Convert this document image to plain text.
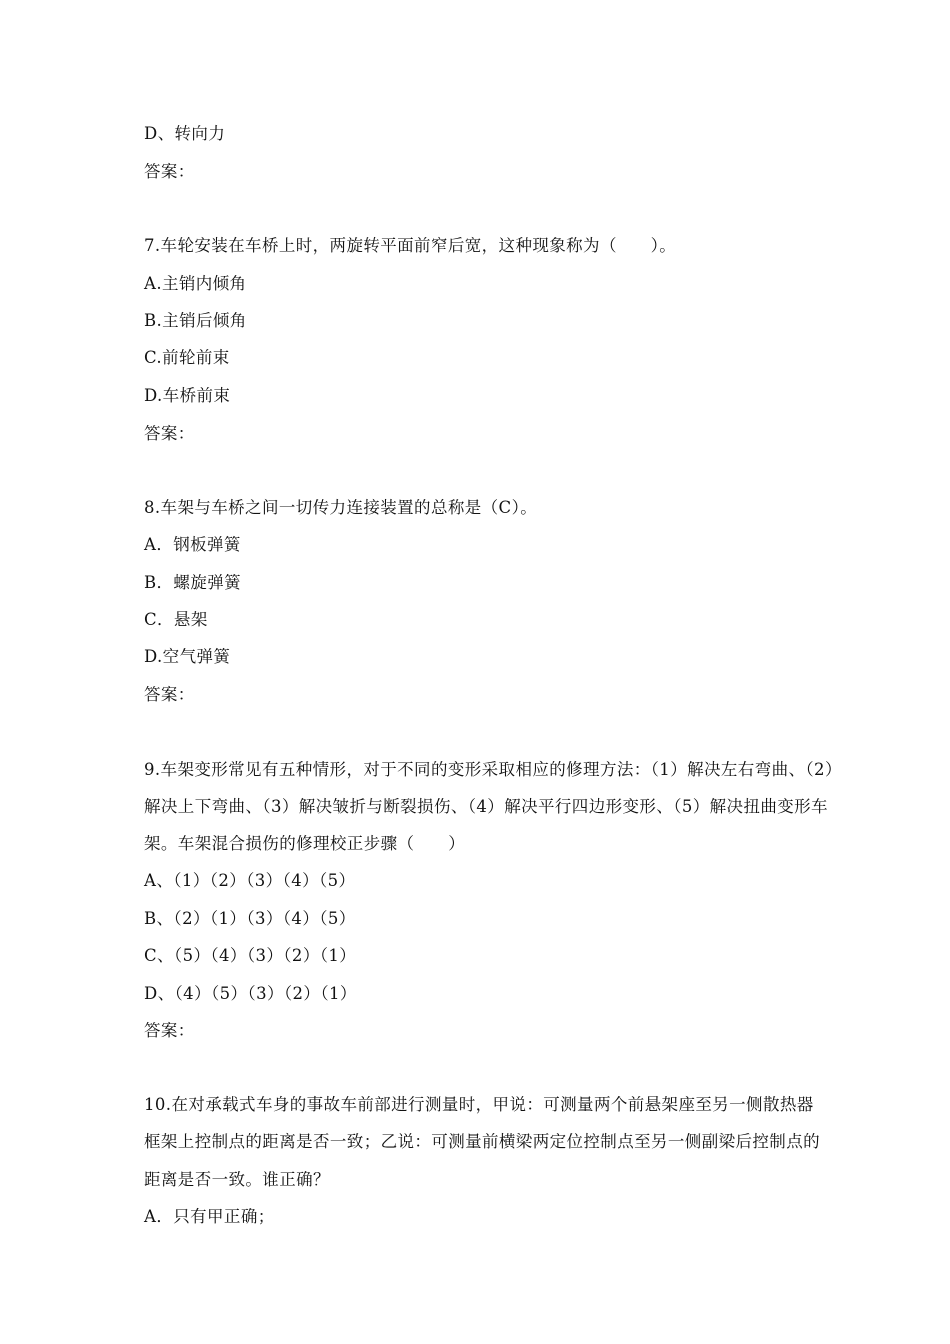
D、转向力
答案：
7.车轮安装在车桥上时，两旋转平面前窄后宽，这种现象称为（　　）。
A.主销内倾角
B.主销后倾角
C.前轮前束
D.车桥前束
答案：
8.车架与车桥之间一切传力连接装置的总称是（C）。
A．钢板弹簧
B．螺旋弹簧
C．悬架
D.空气弹簧
答案：
9.车架变形常见有五种情形，对于不同的变形采取相应的修理方法：（1）解决左右弯曲、（2）
解决上下弯曲、（3）解决皱折与断裂损伤、（4）解决平行四边形变形、（5）解决扭曲变形车
架。车架混合损伤的修理校正步骤（　　）
A、（1）（2）（3）（4）（5）
B、（2）（1）（3）（4）（5）
C、（5）（4）（3）（2）（1）
D、（4）（5）（3）（2）（1）
答案：
10.在对承载式车身的事故车前部进行测量时，甲说：可测量两个前悬架座至另一侧散热器
框架上控制点的距离是否一致；乙说：可测量前横梁两定位控制点至另一侧副梁后控制点的
距离是否一致。谁正确？
A．只有甲正确；
